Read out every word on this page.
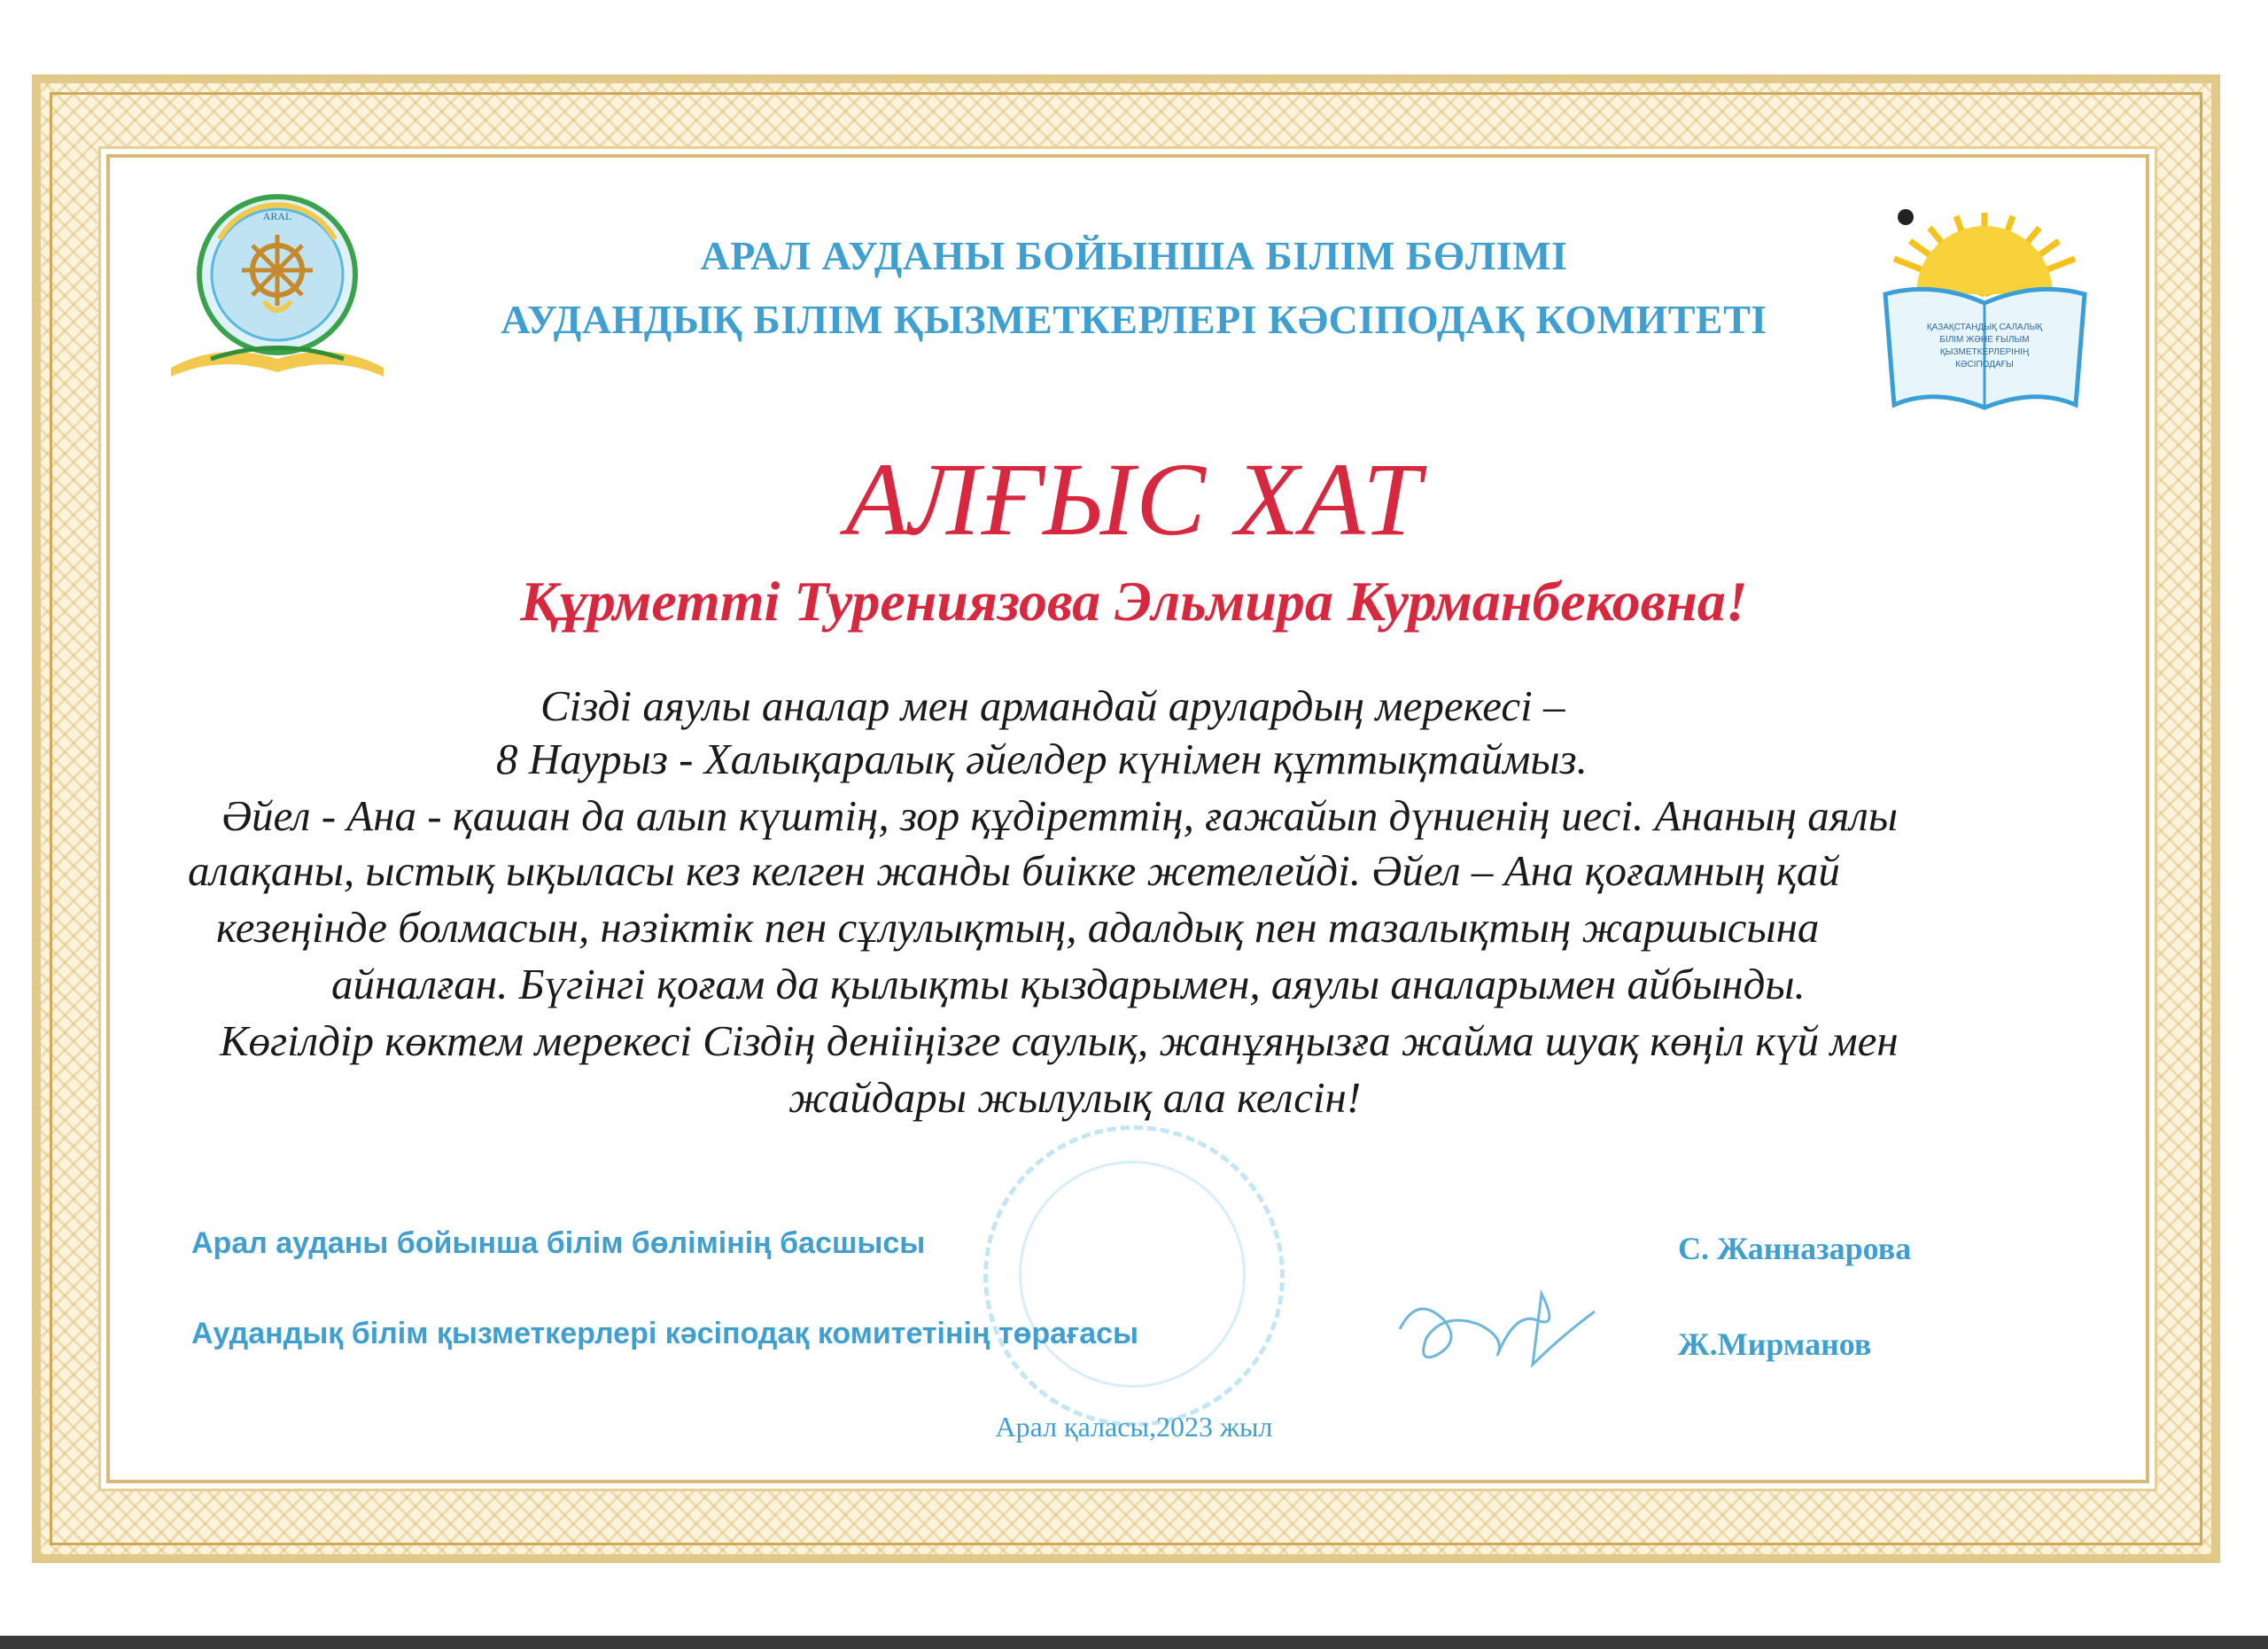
ARAL
ҚАЗАҚСТАНДЫҚ САЛАЛЫҚ
БІЛІМ ЖӘНЕ ҒЫЛЫМ
ҚЫЗМЕТКЕРЛЕРІНІҢ
КӘСІПОДАҒЫ
АРАЛ АУДАНЫ БОЙЫНША БІЛІМ БӨЛІМІ
АУДАНДЫҚ БІЛІМ ҚЫЗМЕТКЕРЛЕРІ КӘСІПОДАҚ КОМИТЕТІ
АЛҒЫС ХАТ
Құрметті Турениязова Эльмира Курманбековна!
Сізді аяулы аналар мен армандай арулардың мерекесі –
8 Наурыз - Халықаралық әйелдер күнімен құттықтаймыз.
Әйел - Ана - қашан да алып күштің, зор құдіреттің, ғажайып дүниенің иесі. Ананың аялы
алақаны, ыстық ықыласы кез келген жанды биікке жетелейді. Әйел – Ана қоғамның қай
кезеңінде болмасын, нәзіктік пен сұлулықтың, адалдық пен тазалықтың жаршысына
айналған. Бүгінгі қоғам да қылықты қыздарымен, аяулы аналарымен айбынды.
Көгілдір көктем мерекесі Сіздің денііңізге саулық, жанұяңызға жайма шуақ көңіл күй мен
жайдары жылулық ала келсін!
Арал ауданы бойынша білім бөлімінің басшысы	С. Жанназарова
Аудандық білім қызметкерлері кәсіподақ комитетінің төрағасы	Ж.Мирманов
Арал қаласы,2023 жыл
